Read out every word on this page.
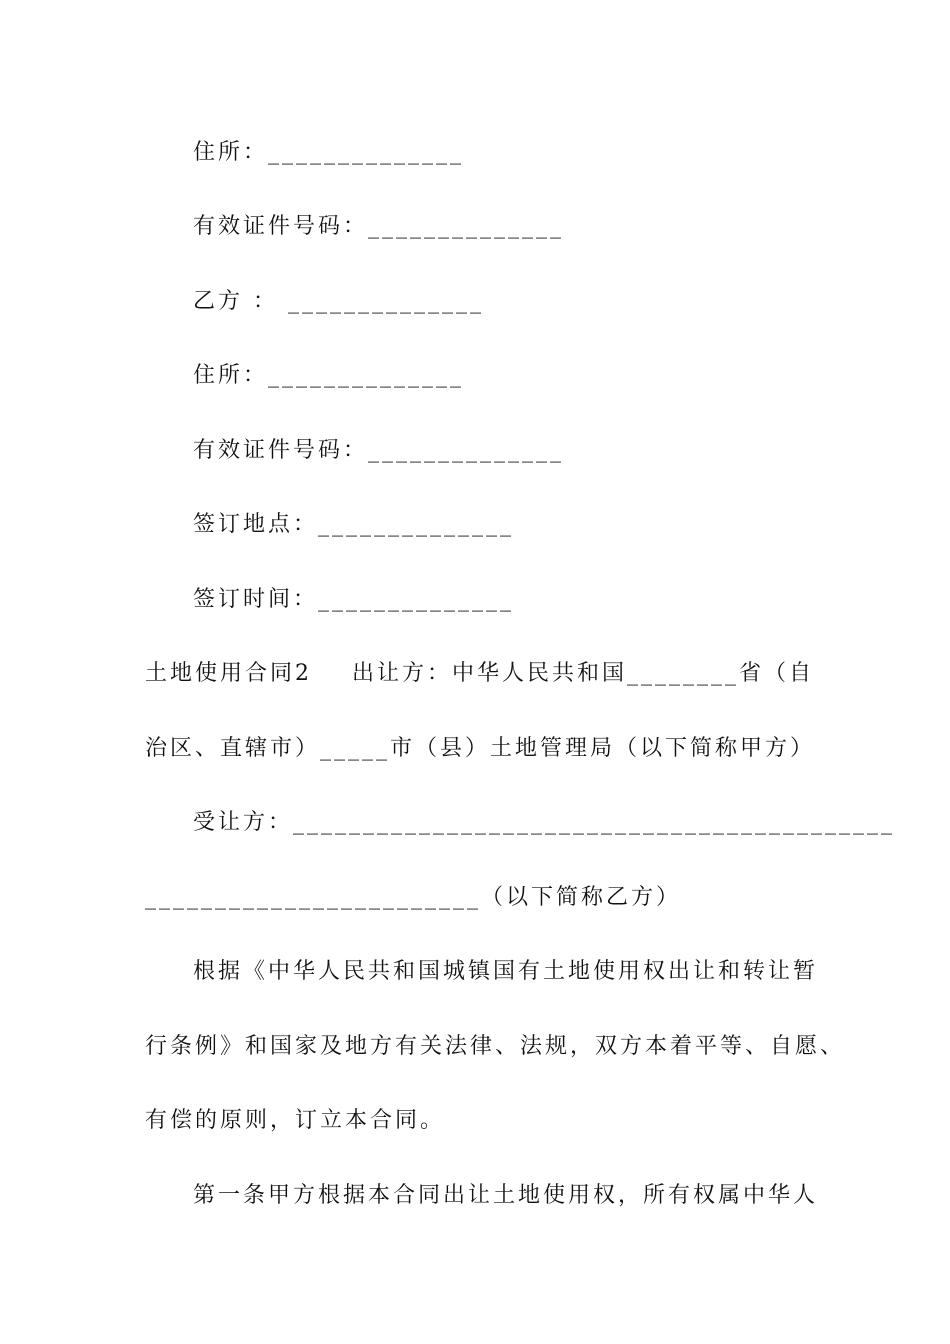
住所：______________
有效证件号码：______________
乙方 ： ______________
住所：______________
有效证件号码：______________
签订地点：______________
签订时间：______________
土地使用合同2    出让方：中华人民共和国________省（自
治区、直辖市）_____市（县）土地管理局（以下简称甲方）
受让方：___________________________________________
________________________（以下简称乙方）
根据《中华人民共和国城镇国有土地使用权出让和转让暂
行条例》和国家及地方有关法律、法规，双方本着平等、自愿、
有偿的原则，订立本合同。
第一条甲方根据本合同出让土地使用权，所有权属中华人
